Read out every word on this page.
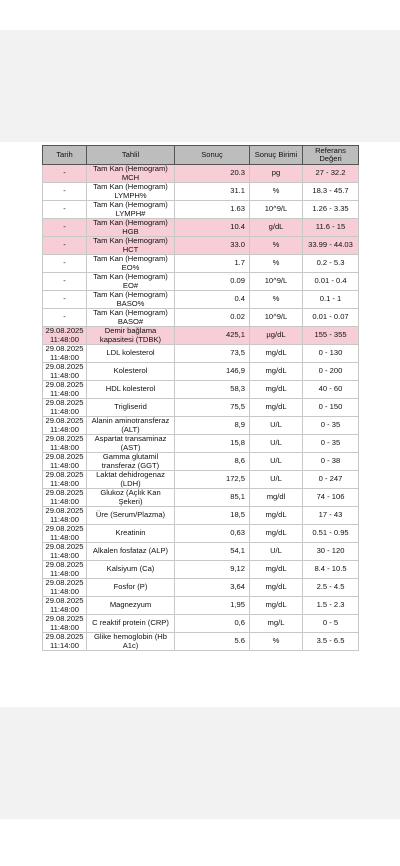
Tarih	Tahlil	Sonuç	Sonuç Birimi	Referans Değeri
-	Tam Kan (Hemogram) MCH	20.3	pg	27 - 32.2
-	Tam Kan (Hemogram) LYMPH%	31.1	%	18.3 - 45.7
-	Tam Kan (Hemogram) LYMPH#	1.63	10^9/L	1.26 - 3.35
-	Tam Kan (Hemogram) HGB	10.4	g/dL	11.6 - 15
-	Tam Kan (Hemogram) HCT	33.0	%	33.99 - 44.03
-	Tam Kan (Hemogram) EO%	1.7	%	0.2 - 5.3
-	Tam Kan (Hemogram) EO#	0.09	10^9/L	0.01 - 0.4
-	Tam Kan (Hemogram) BASO%	0.4	%	0.1 - 1
-	Tam Kan (Hemogram) BASO#	0.02	10^9/L	0.01 - 0.07
29.08.2025 11:48:00	Demir bağlama kapasitesi (TDBK)	425,1	µg/dL	155 - 355
29.08.2025 11:48:00	LDL kolesterol	73,5	mg/dL	0 - 130
29.08.2025 11:48:00	Kolesterol	146,9	mg/dL	0 - 200
29.08.2025 11:48:00	HDL kolesterol	58,3	mg/dL	40 - 60
29.08.2025 11:48:00	Trigliserid	75,5	mg/dL	0 - 150
29.08.2025 11:48:00	Alanin aminotransferaz (ALT)	8,9	U/L	0 - 35
29.08.2025 11:48:00	Aspartat transaminaz (AST)	15,8	U/L	0 - 35
29.08.2025 11:48:00	Gamma glutamil transferaz (GGT)	8,6	U/L	0 - 38
29.08.2025 11:48:00	Laktat dehidrogenaz (LDH)	172,5	U/L	0 - 247
29.08.2025 11:48:00	Glukoz (Açlık Kan Şekeri)	85,1	mg/dl	74 - 106
29.08.2025 11:48:00	Üre (Serum/Plazma)	18,5	mg/dL	17 - 43
29.08.2025 11:48:00	Kreatinin	0,63	mg/dL	0.51 - 0.95
29.08.2025 11:48:00	Alkalen fosfataz (ALP)	54,1	U/L	30 - 120
29.08.2025 11:48:00	Kalsiyum (Ca)	9,12	mg/dL	8.4 - 10.5
29.08.2025 11:48:00	Fosfor (P)	3,64	mg/dL	2.5 - 4.5
29.08.2025 11:48:00	Magnezyum	1,95	mg/dL	1.5 - 2.3
29.08.2025 11:48:00	C reaktif protein (CRP)	0,6	mg/L	0 - 5
29.08.2025 11:14:00	Glike hemoglobin (Hb A1c)	5.6	%	3.5 - 6.5
